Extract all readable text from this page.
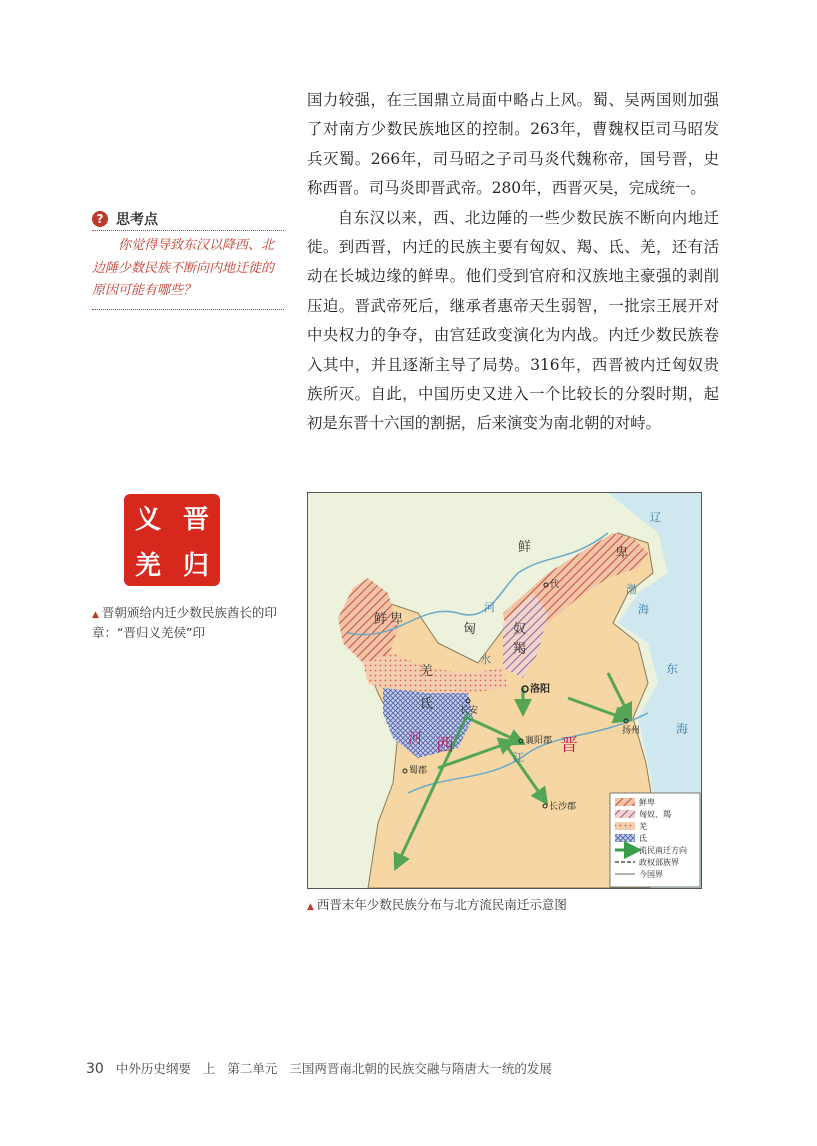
国力较强，在三国鼎立局面中略占上风。蜀、吴两国则加强了对南方少数民族地区的控制。263年，曹魏权臣司马昭发兵灭蜀。266年，司马昭之子司马炎代魏称帝，国号晋，史称西晋。司马炎即晋武帝。280年，西晋灭吴，完成统一。

自东汉以来，西、北边陲的一些少数民族不断向内地迁徙。到西晋，内迁的民族主要有匈奴、羯、氐、羌，还有活动在长城边缘的鲜卑。他们受到官府和汉族地主豪强的剥削压迫。晋武帝死后，继承者惠帝天生弱智，一批宗王展开对中央权力的争夺，由宫廷政变演化为内战。内迁少数民族卷入其中，并且逐渐主导了局势。316年，西晋被内迁匈奴贵族所灭。自此，中国历史又进入一个比较长的分裂时期，起初是东晋十六国的割据，后来演变为南北朝的对峙。

? 思考点
你觉得导致东汉以降西、北边陲少数民族不断向内地迁徙的原因可能有哪些？
晋
归
义
羌
▲ 晋朝颁给内迁少数民族酋长的印章：“晋归义羌侯”印
鲜	卑
鲜 卑
匈	奴
羯
羌
氐
河
河
水
江
辽
渤
海
东
海
西	晋
代
洛阳
长安
襄阳郡
蜀郡
长沙郡
扬州
鲜卑
匈奴、羯
羌
氐
流民南迁方向
政权部族界
今国界
▲ 西晋末年少数民族分布与北方流民南迁示意图
30 中外历史纲要 上 第二单元 三国两晋南北朝的民族交融与隋唐大一统的发展
